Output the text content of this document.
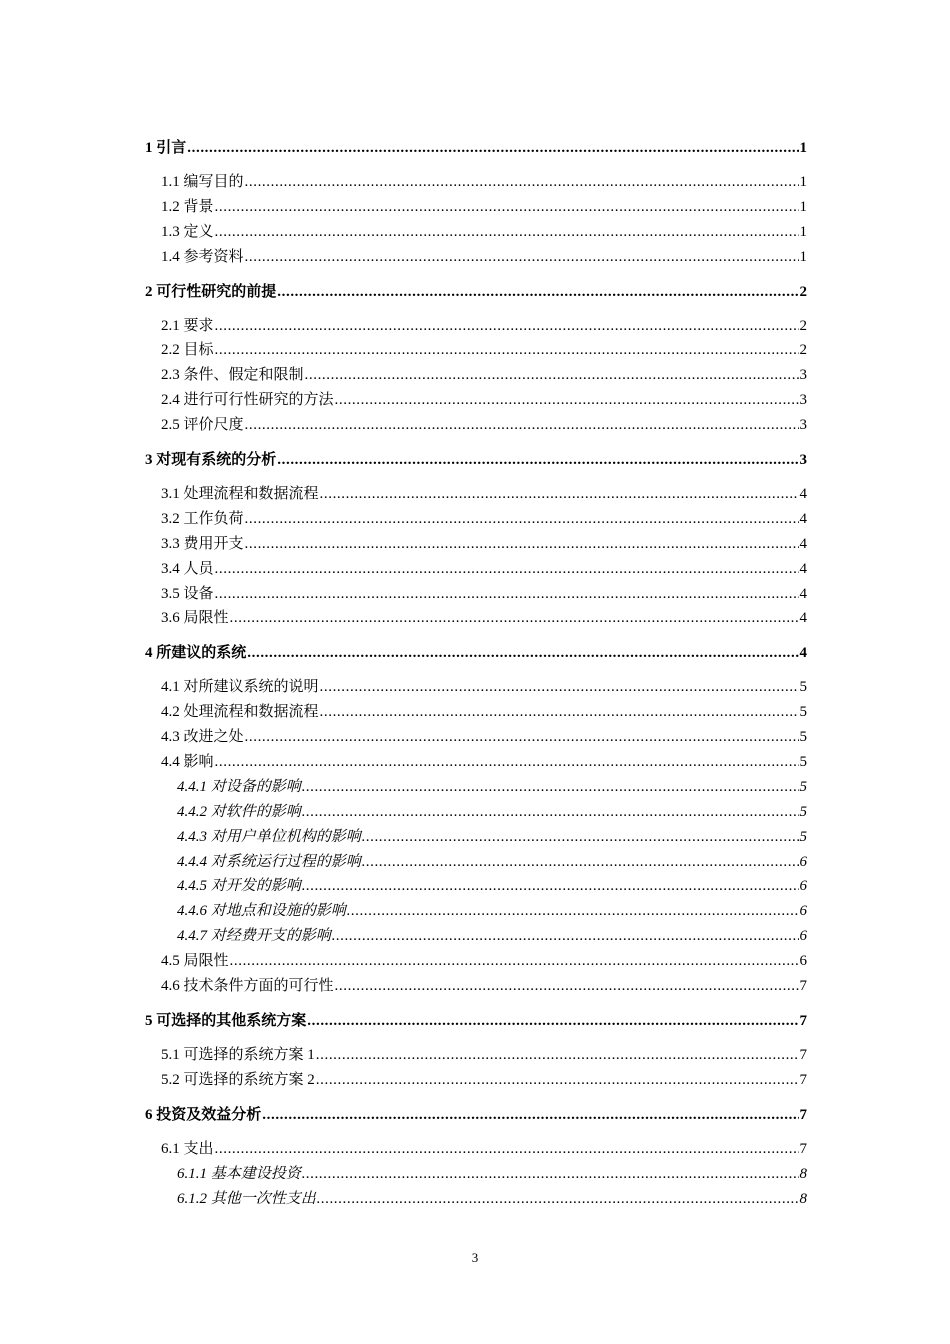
1 引言 .....	1
1.1 编写目的 .....	1
1.2 背景 .....	1
1.3 定义 .....	1
1.4 参考资料 .....	1
2 可行性研究的前提 .....	2
2.1 要求 .....	2
2.2 目标 .....	2
2.3 条件、假定和限制 .....	3
2.4 进行可行性研究的方法 .....	3
2.5 评价尺度 .....	3
3 对现有系统的分析 .....	3
3.1 处理流程和数据流程 .....	4
3.2 工作负荷 .....	4
3.3 费用开支 .....	4
3.4 人员 .....	4
3.5 设备 .....	4
3.6 局限性 .....	4
4 所建议的系统 .....	4
4.1 对所建议系统的说明 .....	5
4.2 处理流程和数据流程 .....	5
4.3 改进之处 .....	5
4.4 影响 .....	5
4.4.1 对设备的影响 .....	5
4.4.2 对软件的影响 .....	5
4.4.3 对用户单位机构的影响 .....	5
4.4.4 对系统运行过程的影响 .....	6
4.4.5 对开发的影响 .....	6
4.4.6 对地点和设施的影响 .....	6
4.4.7 对经费开支的影响 .....	6
4.5 局限性 .....	6
4.6 技术条件方面的可行性 .....	7
5 可选择的其他系统方案 .....	7
5.1 可选择的系统方案 1 .....	7
5.2 可选择的系统方案 2 .....	7
6 投资及效益分析 .....	7
6.1 支出 .....	7
6.1.1 基本建设投资 .....	8
6.1.2 其他一次性支出 .....	8
3
